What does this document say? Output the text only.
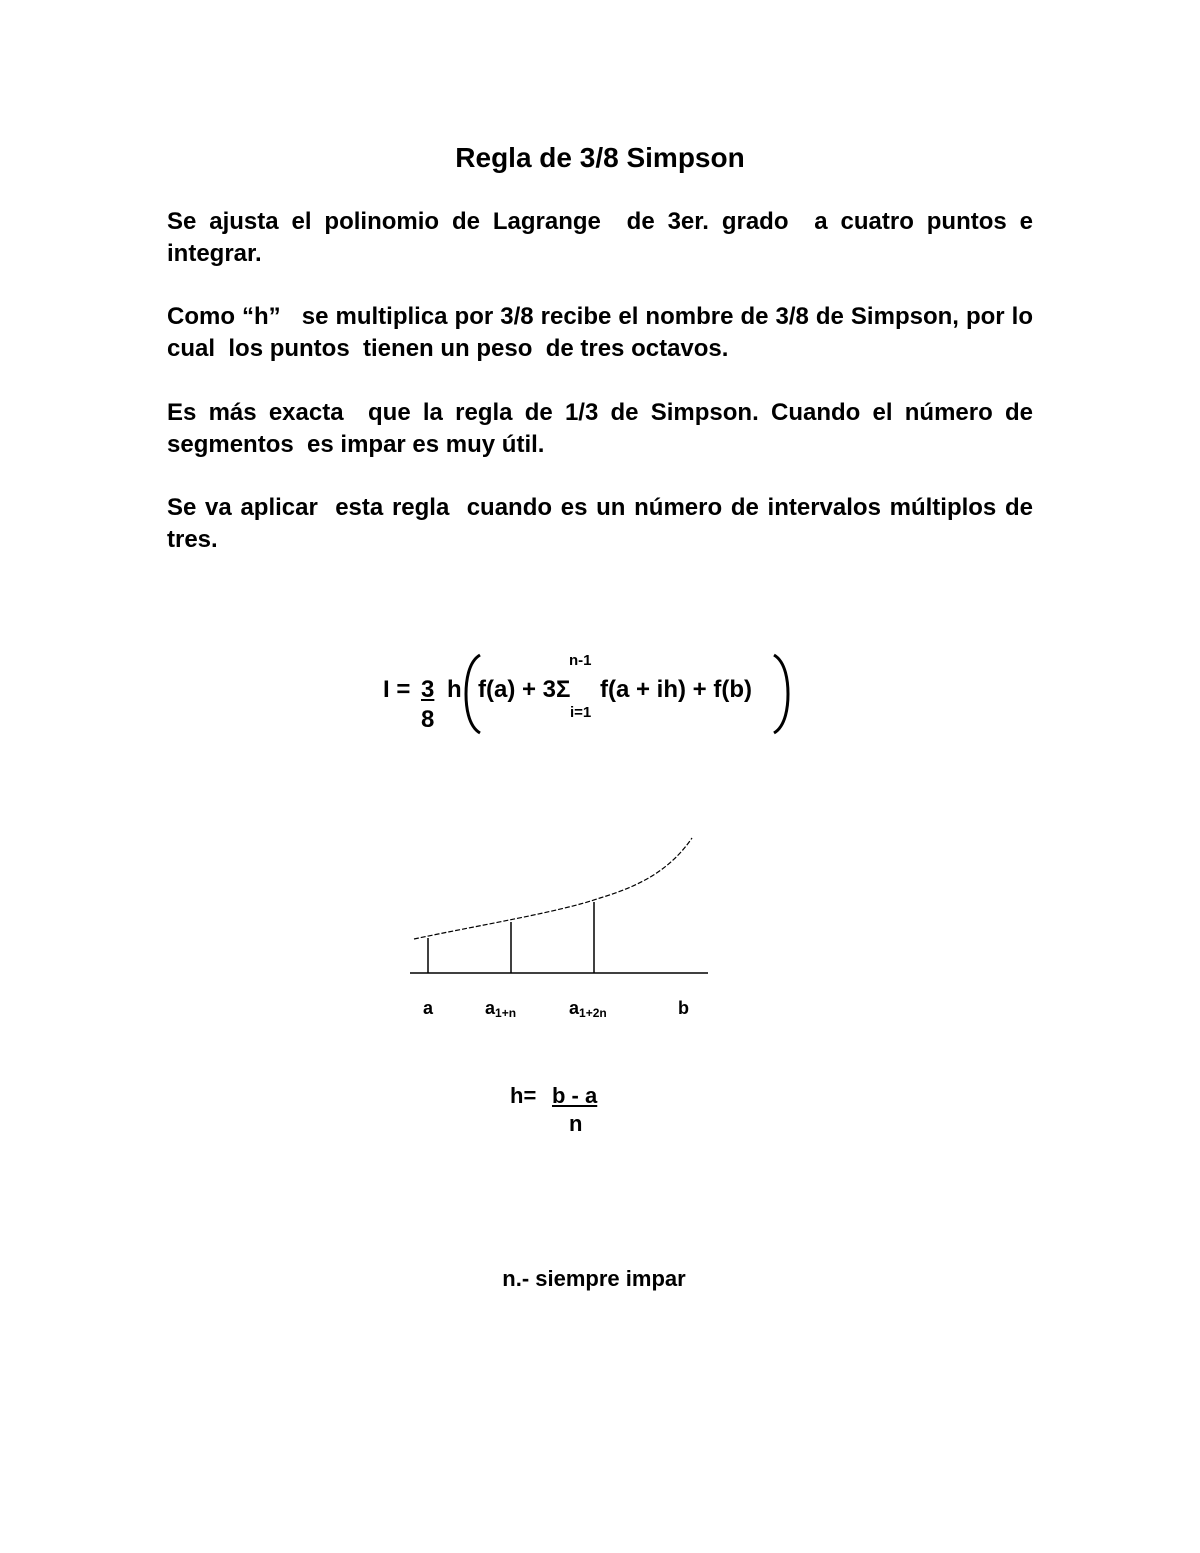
Regla de 3/8 Simpson
Se ajusta el polinomio de Lagrange  de 3er. grado  a cuatro puntos e  integrar.
Como “h”   se multiplica por 3/8 recibe el nombre de 3/8 de Simpson, por lo cual  los puntos  tienen un peso  de tres octavos.
Es más exacta  que la regla de 1/3 de Simpson. Cuando el número de segmentos  es impar es muy útil.
Se va aplicar  esta regla  cuando es un número de intervalos múltiplos de tres.
I = 3
8
h f(a) + 3Σ
n-1
i=1
f(a + ih) + f(b)
a	$a_{1+n}$	$a_{1+2n}$	b
h= b - a
n
n.- siempre impar
